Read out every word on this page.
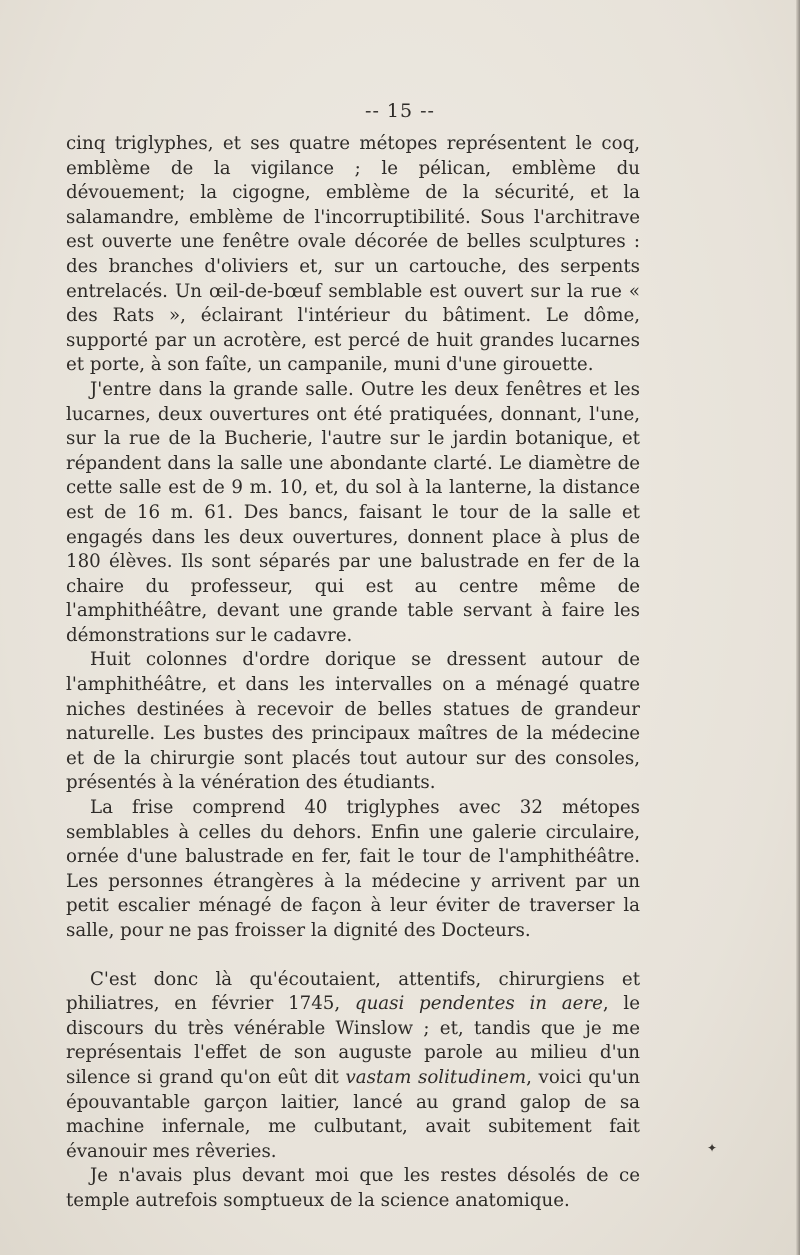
-- 15 --

cinq triglyphes, et ses quatre métopes représentent le coq, emblème de la vigilance ; le pélican, emblème du dévouement; la cigogne, emblème de la sécurité, et la salamandre, emblème de l'incorruptibilité. Sous l'architrave est ouverte une fenêtre ovale décorée de belles sculptures : des branches d'oliviers et, sur un cartouche, des serpents entrelacés. Un œil-de-bœuf semblable est ouvert sur la rue « des Rats », éclairant l'intérieur du bâtiment. Le dôme, supporté par un acrotère, est percé de huit grandes lucarnes et porte, à son faîte, un campanile, muni d'une girouette.

J'entre dans la grande salle. Outre les deux fenêtres et les lucarnes, deux ouvertures ont été pratiquées, donnant, l'une, sur la rue de la Bucherie, l'autre sur le jardin botanique, et répandent dans la salle une abondante clarté. Le diamètre de cette salle est de 9 m. 10, et, du sol à la lanterne, la distance est de 16 m. 61. Des bancs, faisant le tour de la salle et engagés dans les deux ouvertures, donnent place à plus de 180 élèves. Ils sont séparés par une balustrade en fer de la chaire du professeur, qui est au centre même de l'amphithéâtre, devant une grande table servant à faire les démonstrations sur le cadavre.

Huit colonnes d'ordre dorique se dressent autour de l'amphithéâtre, et dans les intervalles on a ménagé quatre niches destinées à recevoir de belles statues de grandeur naturelle. Les bustes des principaux maîtres de la médecine et de la chirurgie sont placés tout autour sur des consoles, présentés à la vénération des étudiants.

La frise comprend 40 triglyphes avec 32 métopes semblables à celles du dehors. Enfin une galerie circulaire, ornée d'une balustrade en fer, fait le tour de l'amphithéâtre. Les personnes étrangères à la médecine y arrivent par un petit escalier ménagé de façon à leur éviter de traverser la salle, pour ne pas froisser la dignité des Docteurs.

C'est donc là qu'écoutaient, attentifs, chirurgiens et philiatres, en février 1745, quasi pendentes in aere, le discours du très vénérable Winslow ; et, tandis que je me représentais l'effet de son auguste parole au milieu d'un silence si grand qu'on eût dit vastam solitudinem, voici qu'un épouvantable garçon laitier, lancé au grand galop de sa machine infernale, me culbutant, avait subitement fait évanouir mes rêveries.

Je n'avais plus devant moi que les restes désolés de ce temple autrefois somptueux de la science anatomique.

✦
